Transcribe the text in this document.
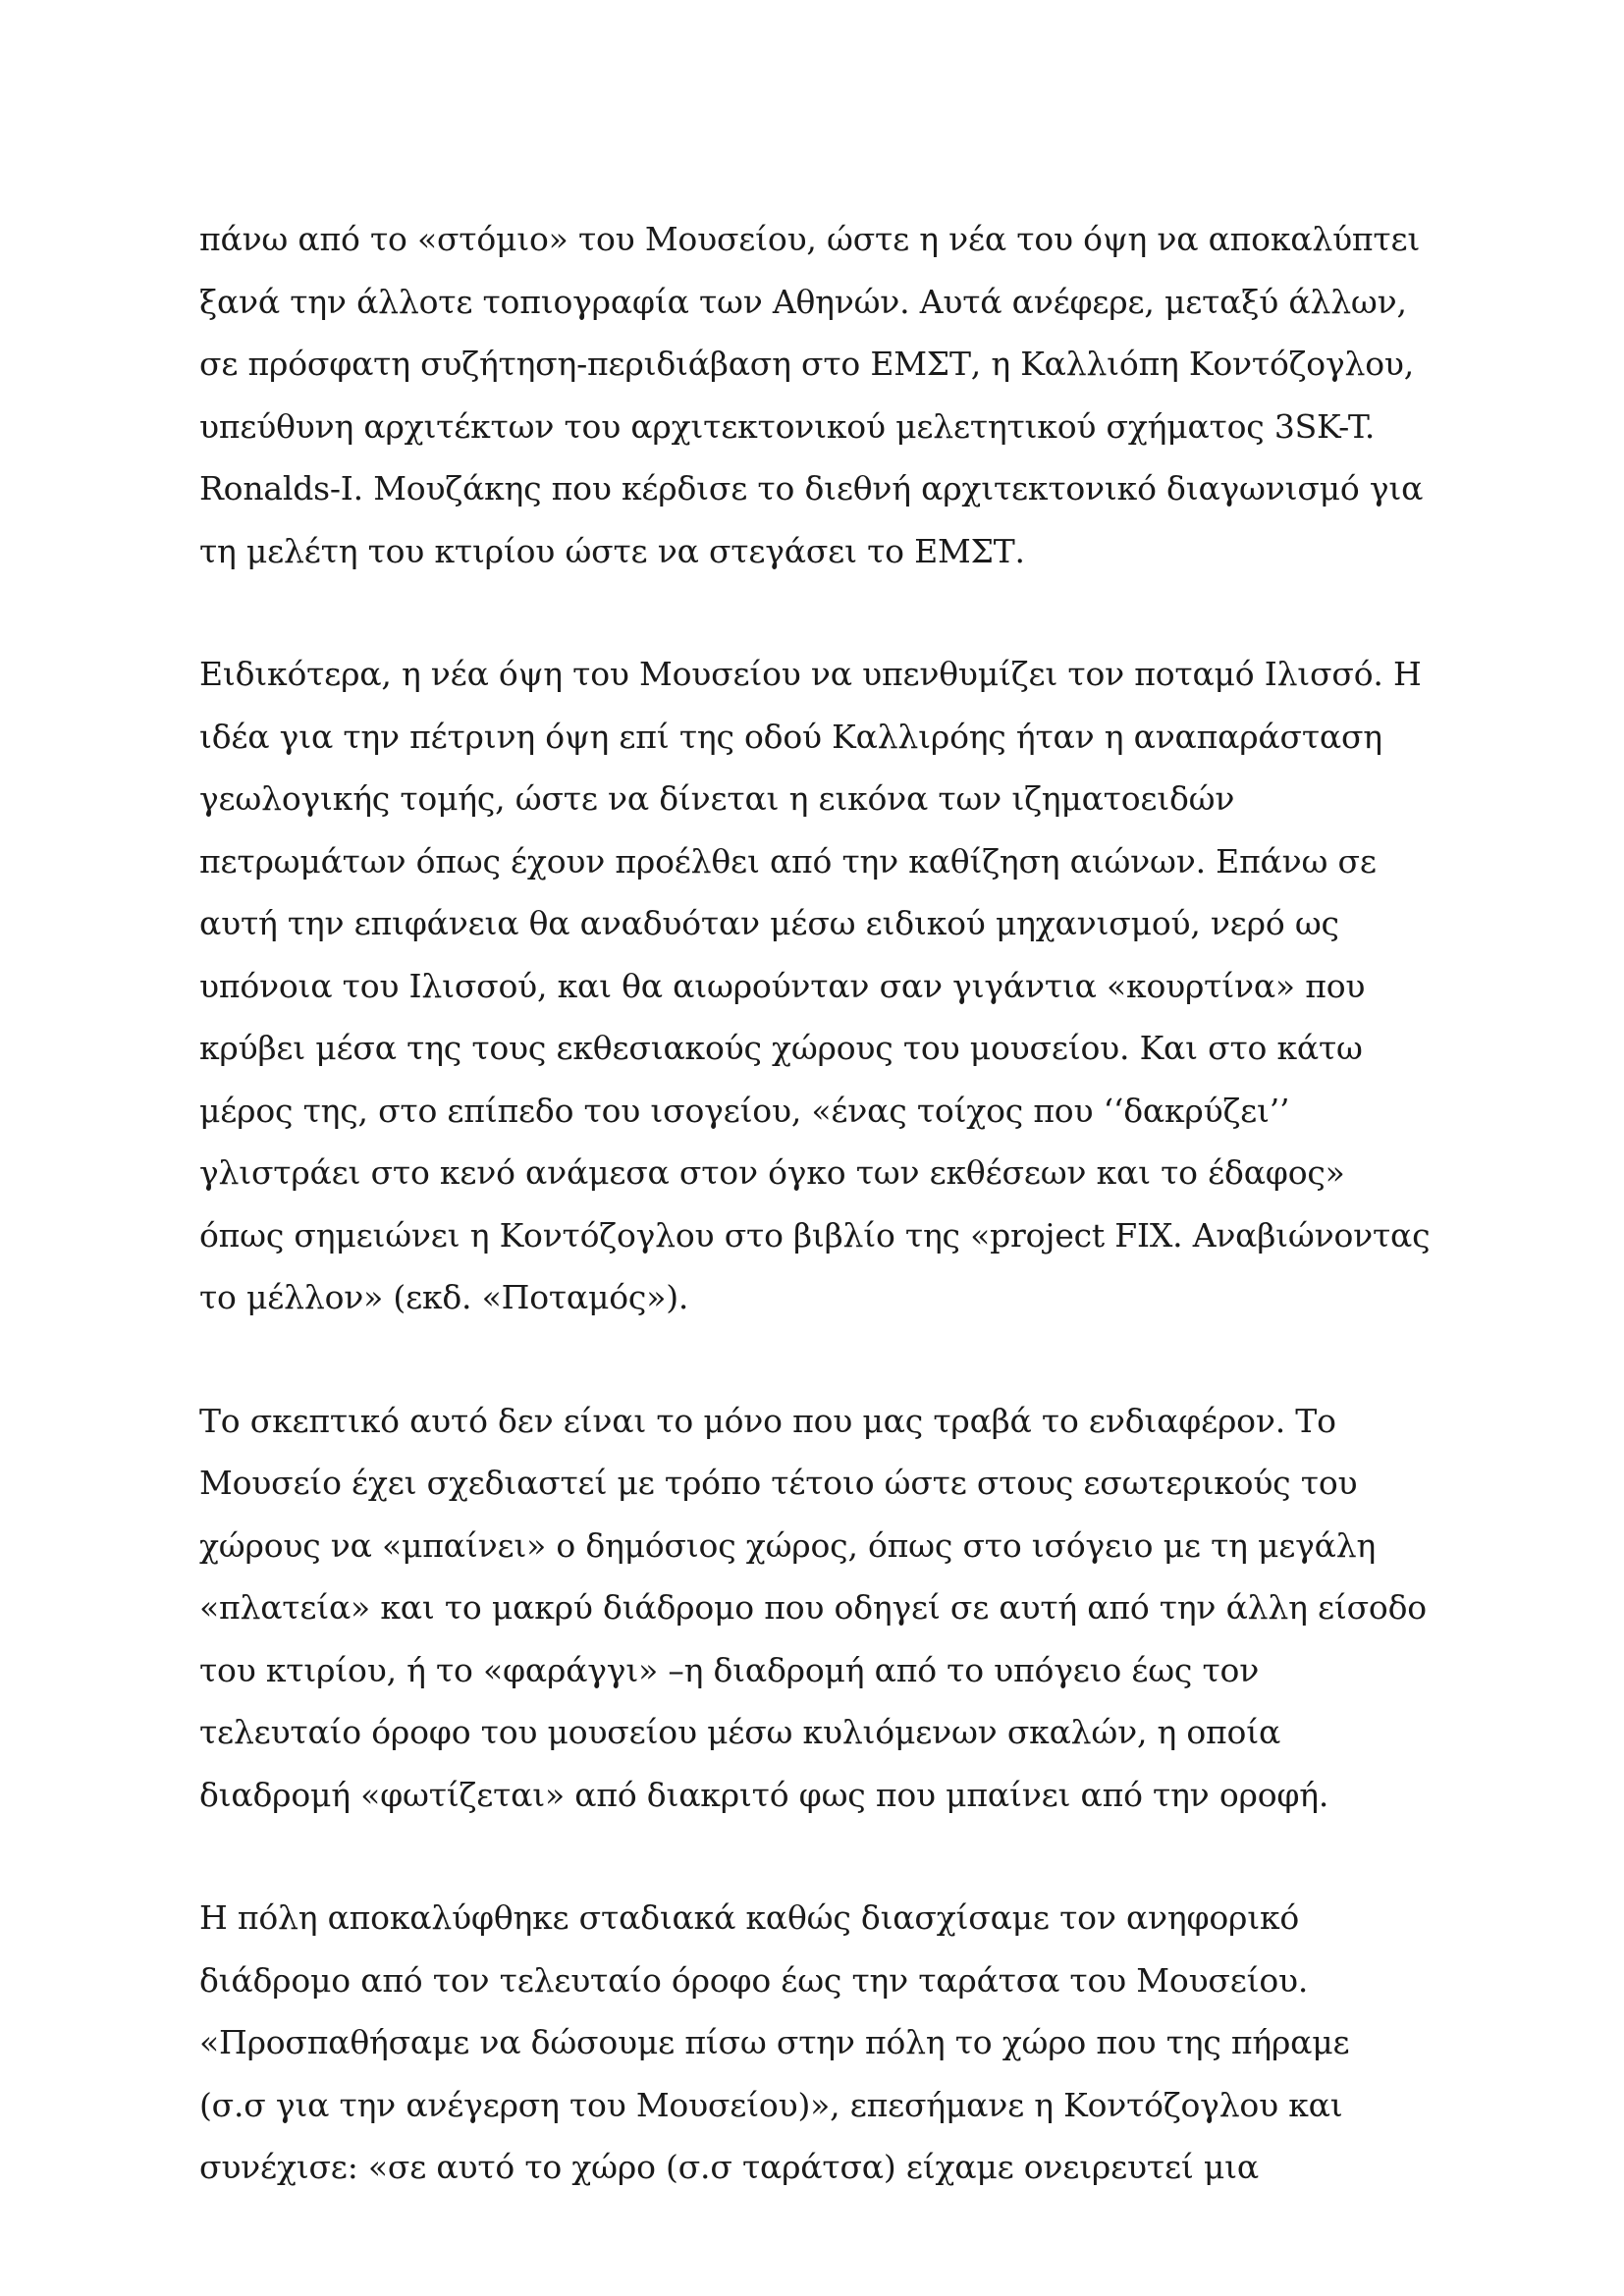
πάνω από το «στόμιο» του Μουσείου, ώστε η νέα του όψη να αποκαλύπτει
ξανά την άλλοτε τοπιογραφία των Αθηνών. Αυτά ανέφερε, μεταξύ άλλων,
σε πρόσφατη συζήτηση-περιδιάβαση στο ΕΜΣΤ, η Καλλιόπη Κοντόζογλου,
υπεύθυνη αρχιτέκτων του αρχιτεκτονικού μελετητικού σχήματος 3SK-T.
Ronalds-I. Μουζάκης που κέρδισε το διεθνή αρχιτεκτονικό διαγωνισμό για
τη μελέτη του κτιρίου ώστε να στεγάσει το ΕΜΣΤ.

Ειδικότερα, η νέα όψη του Μουσείου να υπενθυμίζει τον ποταμό Ιλισσό. Η
ιδέα για την πέτρινη όψη επί της οδού Καλλιρόης ήταν η αναπαράσταση
γεωλογικής τομής, ώστε να δίνεται η εικόνα των ιζηματοειδών
πετρωμάτων όπως έχουν προέλθει από την καθίζηση αιώνων. Επάνω σε
αυτή την επιφάνεια θα αναδυόταν μέσω ειδικού μηχανισμού, νερό ως
υπόνοια του Ιλισσού, και θα αιωρούνταν σαν γιγάντια «κουρτίνα» που
κρύβει μέσα της τους εκθεσιακούς χώρους του μουσείου. Και στο κάτω
μέρος της, στο επίπεδο του ισογείου, «ένας τοίχος που ‘‘δακρύζει’’
γλιστράει στο κενό ανάμεσα στον όγκο των εκθέσεων και το έδαφος»
όπως σημειώνει η Κοντόζογλου στο βιβλίο της «project FIX. Αναβιώνοντας
το μέλλον» (εκδ. «Ποταμός»).

Το σκεπτικό αυτό δεν είναι το μόνο που μας τραβά το ενδιαφέρον. Το
Μουσείο έχει σχεδιαστεί με τρόπο τέτοιο ώστε στους εσωτερικούς του
χώρους να «μπαίνει» ο δημόσιος χώρος, όπως στο ισόγειο με τη μεγάλη
«πλατεία» και το μακρύ διάδρομο που οδηγεί σε αυτή από την άλλη είσοδο
του κτιρίου, ή το «φαράγγι» –η διαδρομή από το υπόγειο έως τον
τελευταίο όροφο του μουσείου μέσω κυλιόμενων σκαλών, η οποία
διαδρομή «φωτίζεται» από διακριτό φως που μπαίνει από την οροφή.

Η πόλη αποκαλύφθηκε σταδιακά καθώς διασχίσαμε τον ανηφορικό
διάδρομο από τον τελευταίο όροφο έως την ταράτσα του Μουσείου.
«Προσπαθήσαμε να δώσουμε πίσω στην πόλη το χώρο που της πήραμε
(σ.σ για την ανέγερση του Μουσείου)», επεσήμανε η Κοντόζογλου και
συνέχισε: «σε αυτό το χώρο (σ.σ ταράτσα) είχαμε ονειρευτεί μια
